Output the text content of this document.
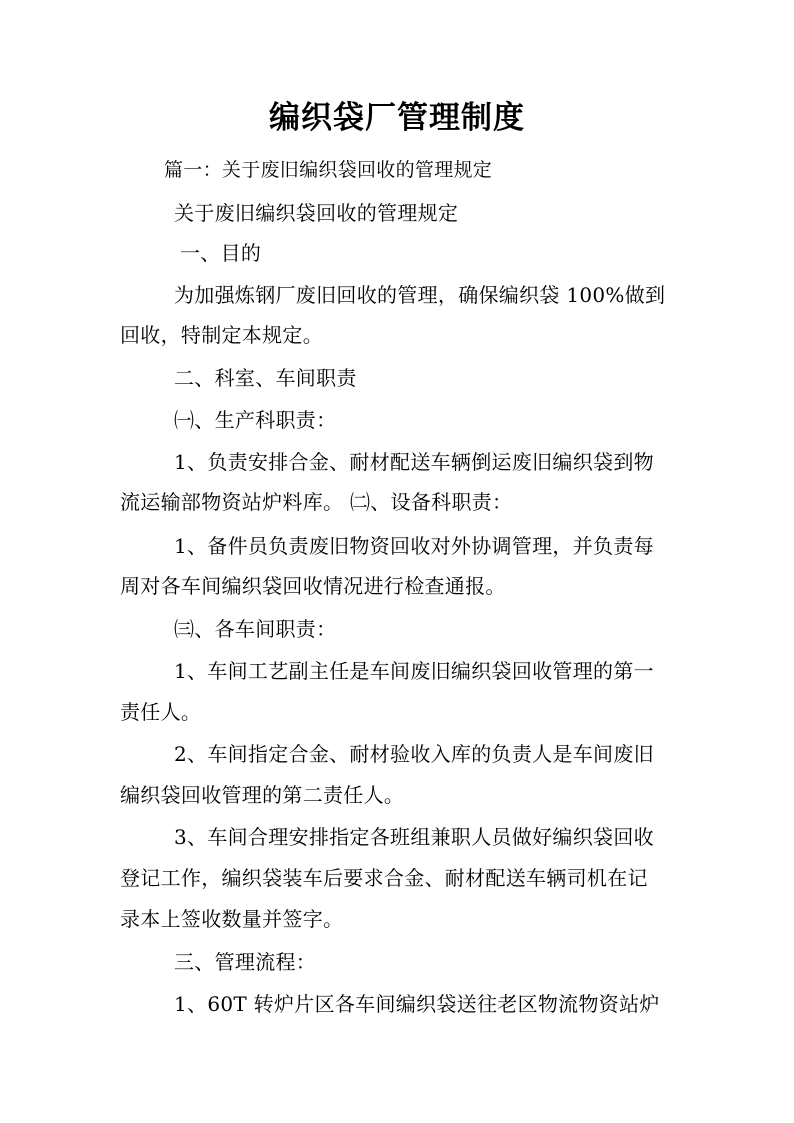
编织袋厂管理制度
篇一：关于废旧编织袋回收的管理规定
关于废旧编织袋回收的管理规定
一、目的
为加强炼钢厂废旧回收的管理，确保编织袋 100%做到
回收，特制定本规定。
二、科室、车间职责
㈠、生产科职责：
1、负责安排合金、耐材配送车辆倒运废旧编织袋到物
流运输部物资站炉料库。 ㈡、设备科职责：
1、备件员负责废旧物资回收对外协调管理，并负责每
周对各车间编织袋回收情况进行检查通报。
㈢、各车间职责：
1、车间工艺副主任是车间废旧编织袋回收管理的第一
责任人。
2、车间指定合金、耐材验收入库的负责人是车间废旧
编织袋回收管理的第二责任人。
3、车间合理安排指定各班组兼职人员做好编织袋回收
登记工作，编织袋装车后要求合金、耐材配送车辆司机在记
录本上签收数量并签字。
三、管理流程：
1、60T 转炉片区各车间编织袋送往老区物流物资站炉
